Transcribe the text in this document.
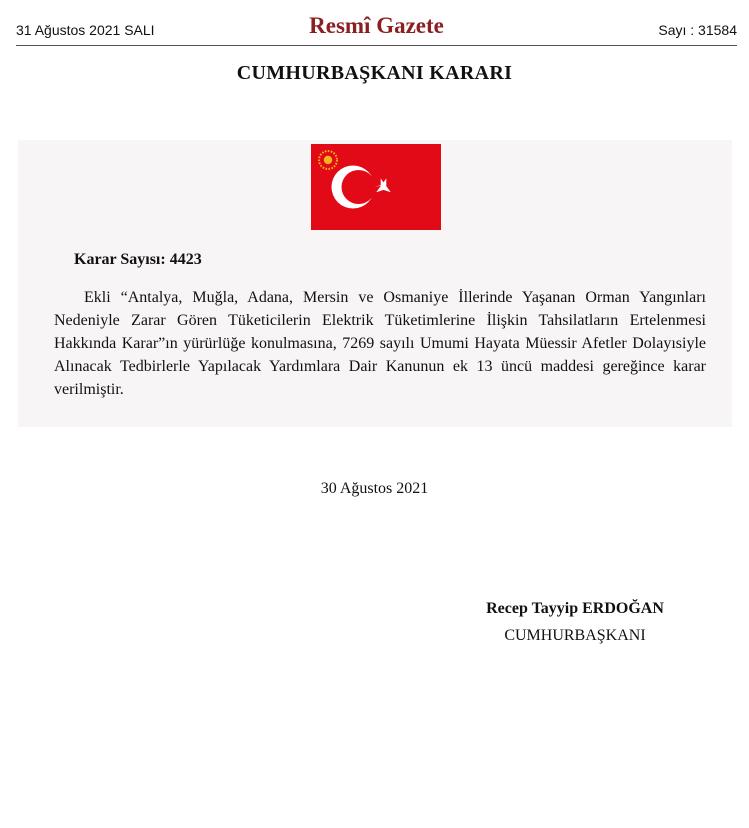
31 Ağustos 2021 SALI	Resmî Gazete	Sayı : 31584
CUMHURBAŞKANI KARARI
Karar Sayısı: 4423

Ekli “Antalya, Muğla, Adana, Mersin ve Osmaniye İllerinde Yaşanan Orman Yangınları Nedeniyle Zarar Gören Tüketicilerin Elektrik Tüketimlerine İlişkin Tahsilatların Ertelenmesi Hakkında Karar”ın yürürlüğe konulmasına, 7269 sayılı Umumi Hayata Müessir Afetler Dolayısiyle Alınacak Tedbirlerle Yapılacak Yardımlara Dair Kanunun ek 13 üncü maddesi gereğince karar verilmiştir.

30 Ağustos 2021
Recep Tayyip ERDOĞAN
CUMHURBAŞKANI
